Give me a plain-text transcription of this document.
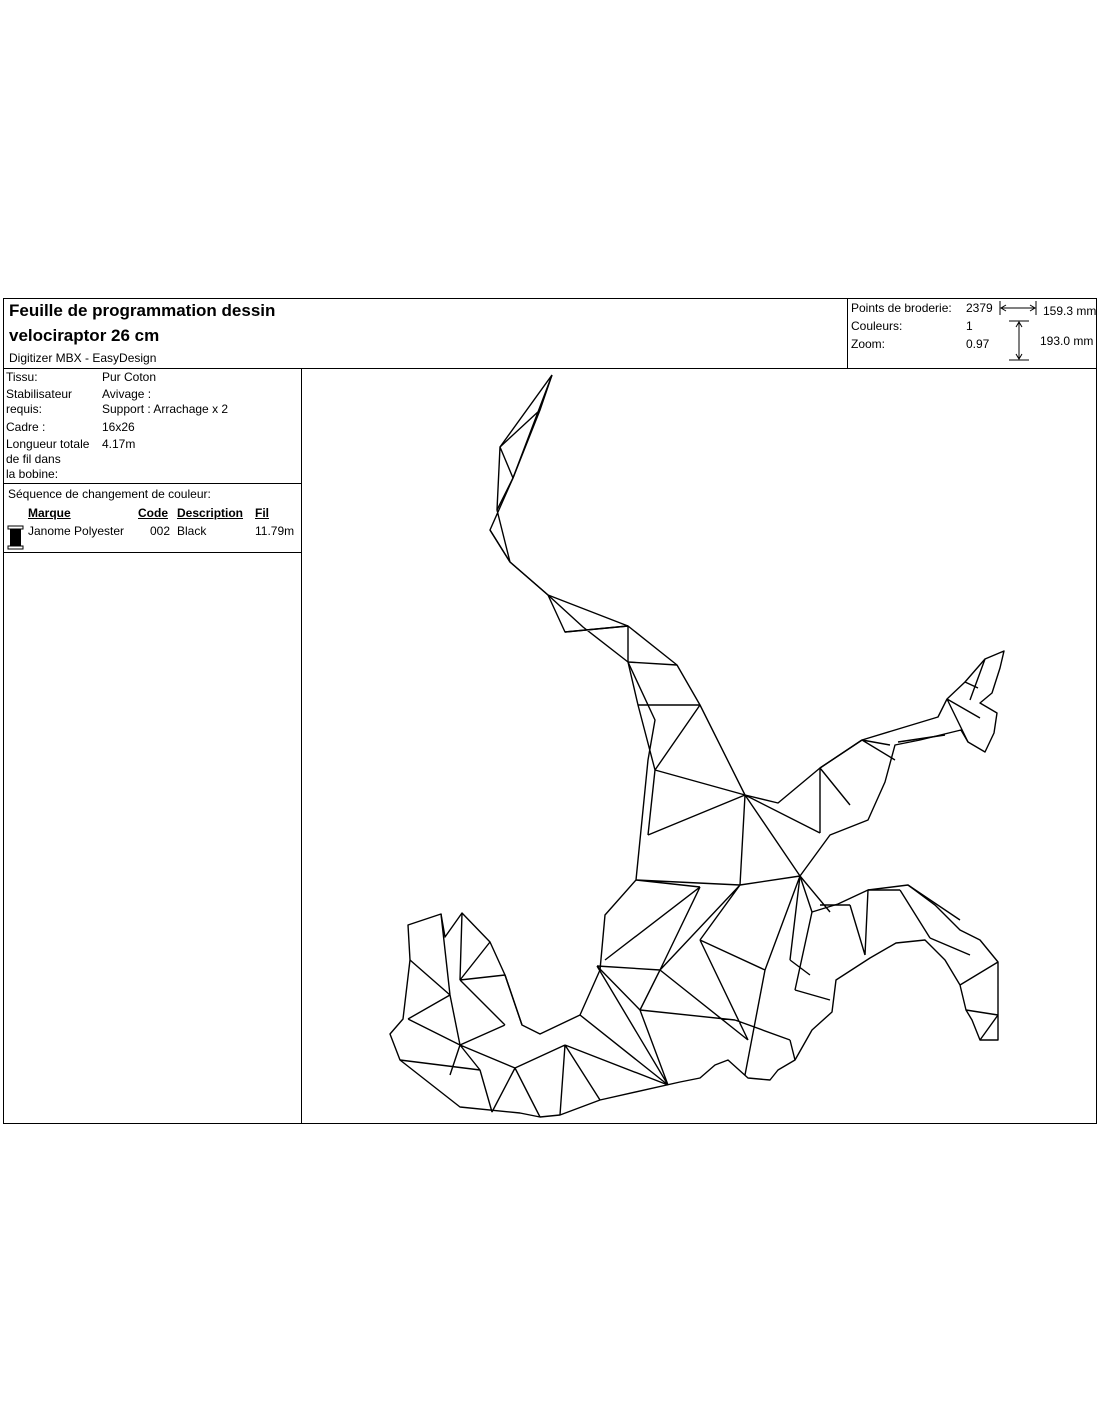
Feuille de programmation dessin
velociraptor 26 cm
Digitizer MBX - EasyDesign
Points de broderie: 2379
Couleurs:	1
Zoom:	0.97
159.3 mm
193.0 mm
Tissu:	Pur Coton
Stabilisateur Avivage :
requis:	Support : Arrachage x 2
Cadre :	16x26
Longueur totale 4.17m
de fil dans
la bobine:
Séquence de changement de couleur:
Marque	Code Description Fil
Janome Polyester 002 Black	11.79m
